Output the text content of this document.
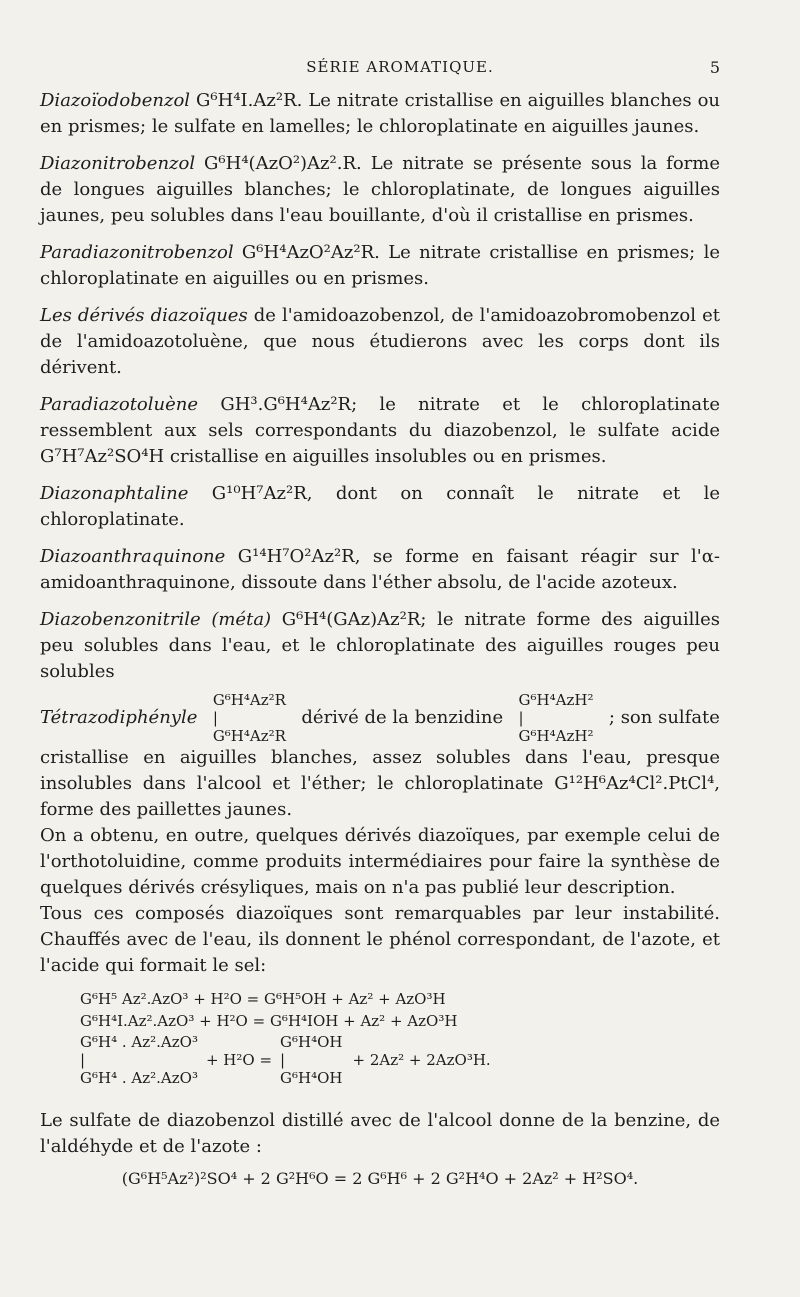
SÉRIE AROMATIQUE.	5

Diazoïodobenzol G⁶H⁴I.Az²R. Le nitrate cristallise en aiguilles blanches ou en prismes; le sulfate en lamelles; le chloroplatinate en aiguilles jaunes.

Diazonitrobenzol G⁶H⁴(AzO²)Az².R. Le nitrate se présente sous la forme de longues aiguilles blanches; le chloroplatinate, de longues aiguilles jaunes, peu solubles dans l'eau bouillante, d'où il cristallise en prismes.

Paradiazonitrobenzol G⁶H⁴AzO²Az²R. Le nitrate cristallise en prismes; le chloroplatinate en aiguilles ou en prismes.

Les dérivés diazoïques de l'amidoazobenzol, de l'amidoazobromobenzol et de l'amidoazotoluène, que nous étudierons avec les corps dont ils dérivent.

Paradiazotoluène GH³.G⁶H⁴Az²R; le nitrate et le chloroplatinate ressemblent aux sels correspondants du diazobenzol, le sulfate acide G⁷H⁷Az²SO⁴H cristallise en aiguilles insolubles ou en prismes.

Diazonaphtaline G¹⁰H⁷Az²R, dont on connaît le nitrate et le chloroplatinate.

Diazoanthraquinone G¹⁴H⁷O²Az²R, se forme en faisant réagir sur l'α-amidoanthraquinone, dissoute dans l'éther absolu, de l'acide azoteux.

Diazobenzonitrile (méta) G⁶H⁴(GAz)Az²R; le nitrate forme des aiguilles peu solubles dans l'eau, et le chloroplatinate des aiguilles rouges peu solubles

Tétrazodiphényle
G⁶H⁴Az²R
|
G⁶H⁴Az²R
dérivé de la benzidine
G⁶H⁴AzH²
|
G⁶H⁴AzH²
; son sulfate

cristallise en aiguilles blanches, assez solubles dans l'eau, presque insolubles dans l'alcool et l'éther; le chloroplatinate G¹²H⁶Az⁴Cl².PtCl⁴, forme des paillettes jaunes.

On a obtenu, en outre, quelques dérivés diazoïques, par exemple celui de l'orthotoluidine, comme produits intermédiaires pour faire la synthèse de quelques dérivés crésyliques, mais on n'a pas publié leur description.

Tous ces composés diazoïques sont remarquables par leur instabilité. Chauffés avec de l'eau, ils donnent le phénol correspondant, de l'azote, et l'acide qui formait le sel:

G⁶H⁵ Az².AzO³ + H²O = G⁶H⁵OH + Az² + AzO³H
G⁶H⁴I.Az².AzO³ + H²O = G⁶H⁴IOH + Az² + AzO³H
G⁶H⁴ . Az².AzO³
|
G⁶H⁴ . Az².AzO³
+ H²O =
G⁶H⁴OH
|
G⁶H⁴OH
+ 2Az² + 2AzO³H.

Le sulfate de diazobenzol distillé avec de l'alcool donne de la benzine, de l'aldéhyde et de l'azote :

(G⁶H⁵Az²)²SO⁴ + 2 G²H⁶O = 2 G⁶H⁶ + 2 G²H⁴O + 2Az² + H²SO⁴.
